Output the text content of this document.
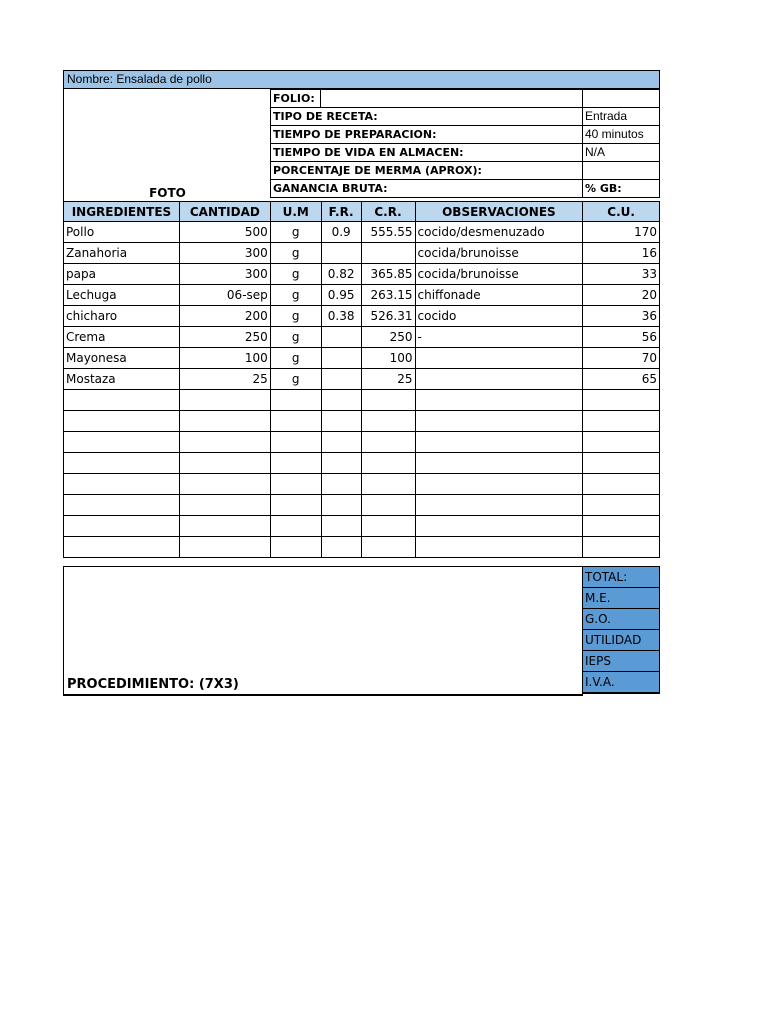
Nombre: Ensalada de pollo
FOTO
FOLIO:		
TIPO DE RECETA:		Entrada
TIEMPO DE PREPARACION:		40 minutos
TIEMPO DE VIDA EN ALMACEN:		N/A
PORCENTAJE DE MERMA (APROX):		
GANANCIA BRUTA:		% GB:
INGREDIENTES	CANTIDAD	U.M	F.R.	C.R.	OBSERVACIONES	C.U.
Pollo	500	g	0.9	555.55	cocido/desmenuzado	170
Zanahoria	300	g			cocida/brunoisse	16
papa	300	g	0.82	365.85	cocida/brunoisse	33
Lechuga	06-sep	g	0.95	263.15	chiffonade	20
chicharo	200	g	0.38	526.31	cocido	36
Crema	250	g		250	-	56
Mayonesa	100	g		100		70
Mostaza	25	g		25		65

PROCEDIMIENTO: (7X3)
TOTAL:
M.E.
G.O.
UTILIDAD
IEPS
I.V.A.
